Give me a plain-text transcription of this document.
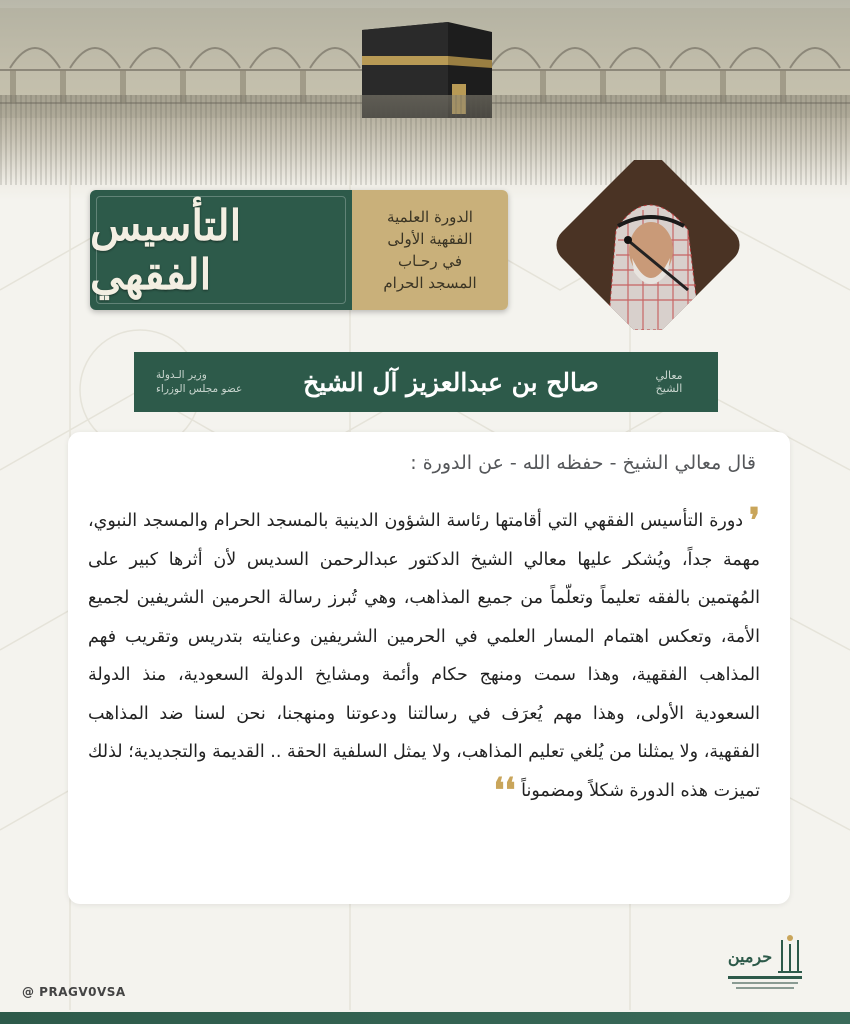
التأسيس الفقهي
الدورة العلمية
الفقهية الأولى
في رحـاب
المسجد الحرام
معالي الشيخ
صالح بن عبدالعزيز آل الشيخ
وزير الـدولة
عضو مجلس الوزراء
قال معالي الشيخ - حفظه الله - عن الدورة :
❜ دورة التأسيس الفقهي التي أقامتها رئاسة الشؤون الدينية بالمسجد الحرام والمسجد النبوي، مهمة جداً، ويُشكر عليها معالي الشيخ الدكتور عبدالرحمن السديس لأن أثرها كبير على المُهتمين بالفقه تعليماً وتعلّماً من جميع المذاهب، وهي تُبرز رسالة الحرمين الشريفين لجميع الأمة، وتعكس اهتمام المسار العلمي في الحرمين الشريفين وعنايته بتدريس وتقريب فهم المذاهب الفقهية، وهذا سمت ومنهج حكام وأئمة ومشايخ الدولة السعودية، منذ الدولة السعودية الأولى، وهذا مهم يُعرَف في رسالتنا ودعوتنا ومنهجنا، نحن لسنا ضد المذاهب الفقهية، ولا يمثلنا من يُلغي تعليم المذاهب، ولا يمثل السلفية الحقة .. القديمة والتجديدية؛ لذلك تميزت هذه الدورة شكلاً ومضموناً ❛❛
@ PRAGV0VSA
حرمين
